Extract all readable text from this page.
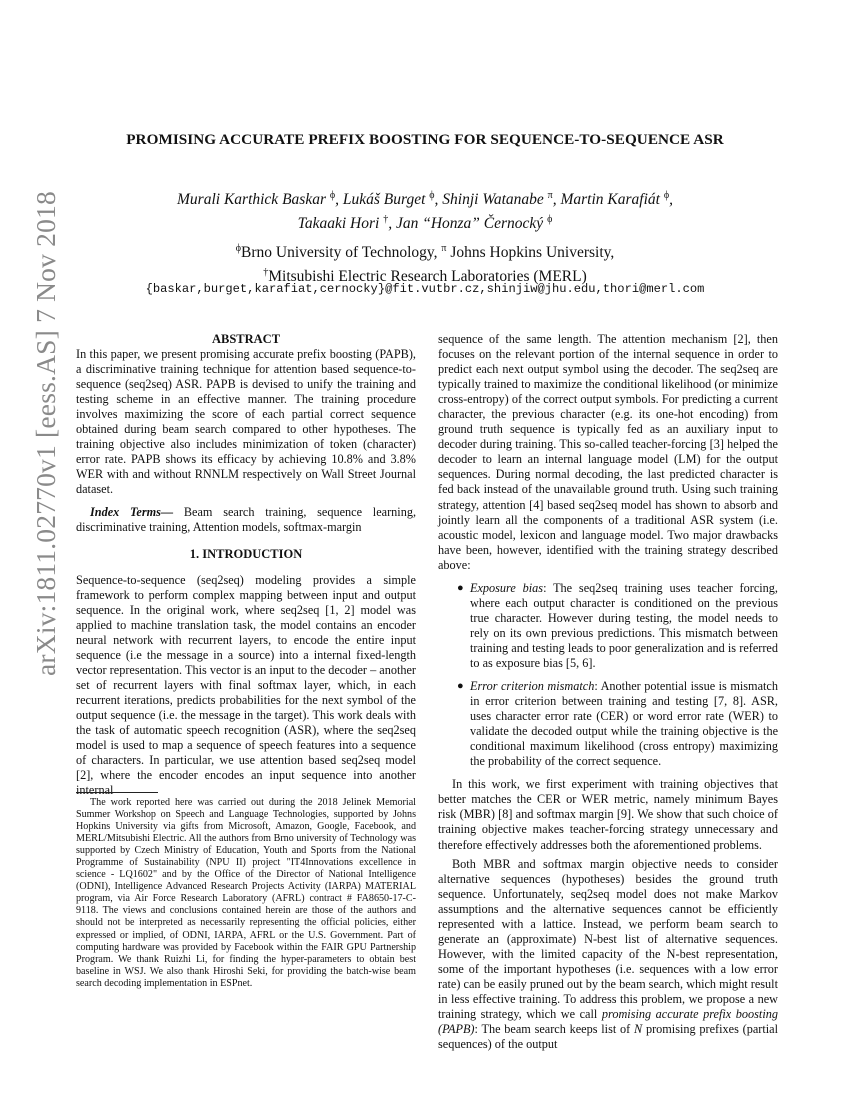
arXiv:1811.02770v1 [eess.AS] 7 Nov 2018
PROMISING ACCURATE PREFIX BOOSTING FOR SEQUENCE-TO-SEQUENCE ASR
Murali Karthick Baskar $^\phi$, Lukáš Burget $^\phi$, Shinji Watanabe $^\pi$, Martin Karafiát $^\phi$,
Takaaki Hori †, Jan “Honza” Černocký $^\phi$
$^\phi$Brno University of Technology, $^\pi$ Johns Hopkins University,
†Mitsubishi Electric Research Laboratories (MERL)
{baskar,burget,karafiat,cernocky}@fit.vutbr.cz,shinjiw@jhu.edu,thori@merl.com

ABSTRACT

In this paper, we present promising accurate prefix boosting (PAPB), a discriminative training technique for attention based sequence-to-sequence (seq2seq) ASR. PAPB is devised to unify the training and testing scheme in an effective manner. The training procedure involves maximizing the score of each partial correct sequence obtained during beam search compared to other hypotheses. The training objective also includes minimization of token (character) error rate. PAPB shows its efficacy by achieving 10.8% and 3.8% WER with and without RNNLM respectively on Wall Street Journal dataset.

Index Terms— Beam search training, sequence learning, discriminative training, Attention models, softmax-margin

1. INTRODUCTION

Sequence-to-sequence (seq2seq) modeling provides a simple framework to perform complex mapping between input and output sequence. In the original work, where seq2seq [1, 2] model was applied to machine translation task, the model contains an encoder neural network with recurrent layers, to encode the entire input sequence (i.e the message in a source) into a internal fixed-length vector representation. This vector is an input to the decoder – another set of recurrent layers with final softmax layer, which, in each recurrent iterations, predicts probabilities for the next symbol of the output sequence (i.e. the message in the target). This work deals with the task of automatic speech recognition (ASR), where the seq2seq model is used to map a sequence of speech features into a sequence of characters. In particular, we use attention based seq2seq model [2], where the encoder encodes an input sequence into another internal

The work reported here was carried out during the 2018 Jelinek Memorial Summer Workshop on Speech and Language Technologies, supported by Johns Hopkins University via gifts from Microsoft, Amazon, Google, Facebook, and MERL/Mitsubishi Electric. All the authors from Brno university of Technology was supported by Czech Ministry of Education, Youth and Sports from the National Programme of Sustainability (NPU II) project "IT4Innovations excellence in science - LQ1602" and by the Office of the Director of National Intelligence (ODNI), Intelligence Advanced Research Projects Activity (IARPA) MATERIAL program, via Air Force Research Laboratory (AFRL) contract # FA8650-17-C-9118. The views and conclusions contained herein are those of the authors and should not be interpreted as necessarily representing the official policies, either expressed or implied, of ODNI, IARPA, AFRL or the U.S. Government. Part of computing hardware was provided by Facebook within the FAIR GPU Partnership Program. We thank Ruizhi Li, for finding the hyper-parameters to obtain best baseline in WSJ. We also thank Hiroshi Seki, for providing the batch-wise beam search decoding implementation in ESPnet.

sequence of the same length. The attention mechanism [2], then focuses on the relevant portion of the internal sequence in order to predict each next output symbol using the decoder. The seq2seq are typically trained to maximize the conditional likelihood (or minimize cross-entropy) of the correct output symbols. For predicting a current character, the previous character (e.g. its one-hot encoding) from ground truth sequence is typically fed as an auxiliary input to decoder during training. This so-called teacher-forcing [3] helped the decoder to learn an internal language model (LM) for the output sequences. During normal decoding, the last predicted character is fed back instead of the unavailable ground truth. Using such training strategy, attention [4] based seq2seq model has shown to absorb and jointly learn all the components of a traditional ASR system (i.e. acoustic model, lexicon and language model. Two major drawbacks have been, however, identified with the training strategy described above:

● Exposure bias: The seq2seq training uses teacher forcing, where each output character is conditioned on the previous true character. However during testing, the model needs to rely on its own previous predictions. This mismatch between training and testing leads to poor generalization and is referred to as exposure bias [5, 6].
● Error criterion mismatch: Another potential issue is mismatch in error criterion between training and testing [7, 8]. ASR, uses character error rate (CER) or word error rate (WER) to validate the decoded output while the training objective is the conditional maximum likelihood (cross entropy) maximizing the probability of the correct sequence.

In this work, we first experiment with training objectives that better matches the CER or WER metric, namely minimum Bayes risk (MBR) [8] and softmax margin [9]. We show that such choice of training objective makes teacher-forcing strategy unnecessary and therefore effectively addresses both the aforementioned problems.

Both MBR and softmax margin objective needs to consider alternative sequences (hypotheses) besides the ground truth sequence. Unfortunately, seq2seq model does not make Markov assumptions and the alternative sequences cannot be efficiently represented with a lattice. Instead, we perform beam search to generate an (approximate) N-best list of alternative sequences. However, with the limited capacity of the N-best representation, some of the important hypotheses (i.e. sequences with a low error rate) can be easily pruned out by the beam search, which might result in less effective training. To address this problem, we propose a new training strategy, which we call promising accurate prefix boosting (PAPB): The beam search keeps list of N promising prefixes (partial sequences) of the output
